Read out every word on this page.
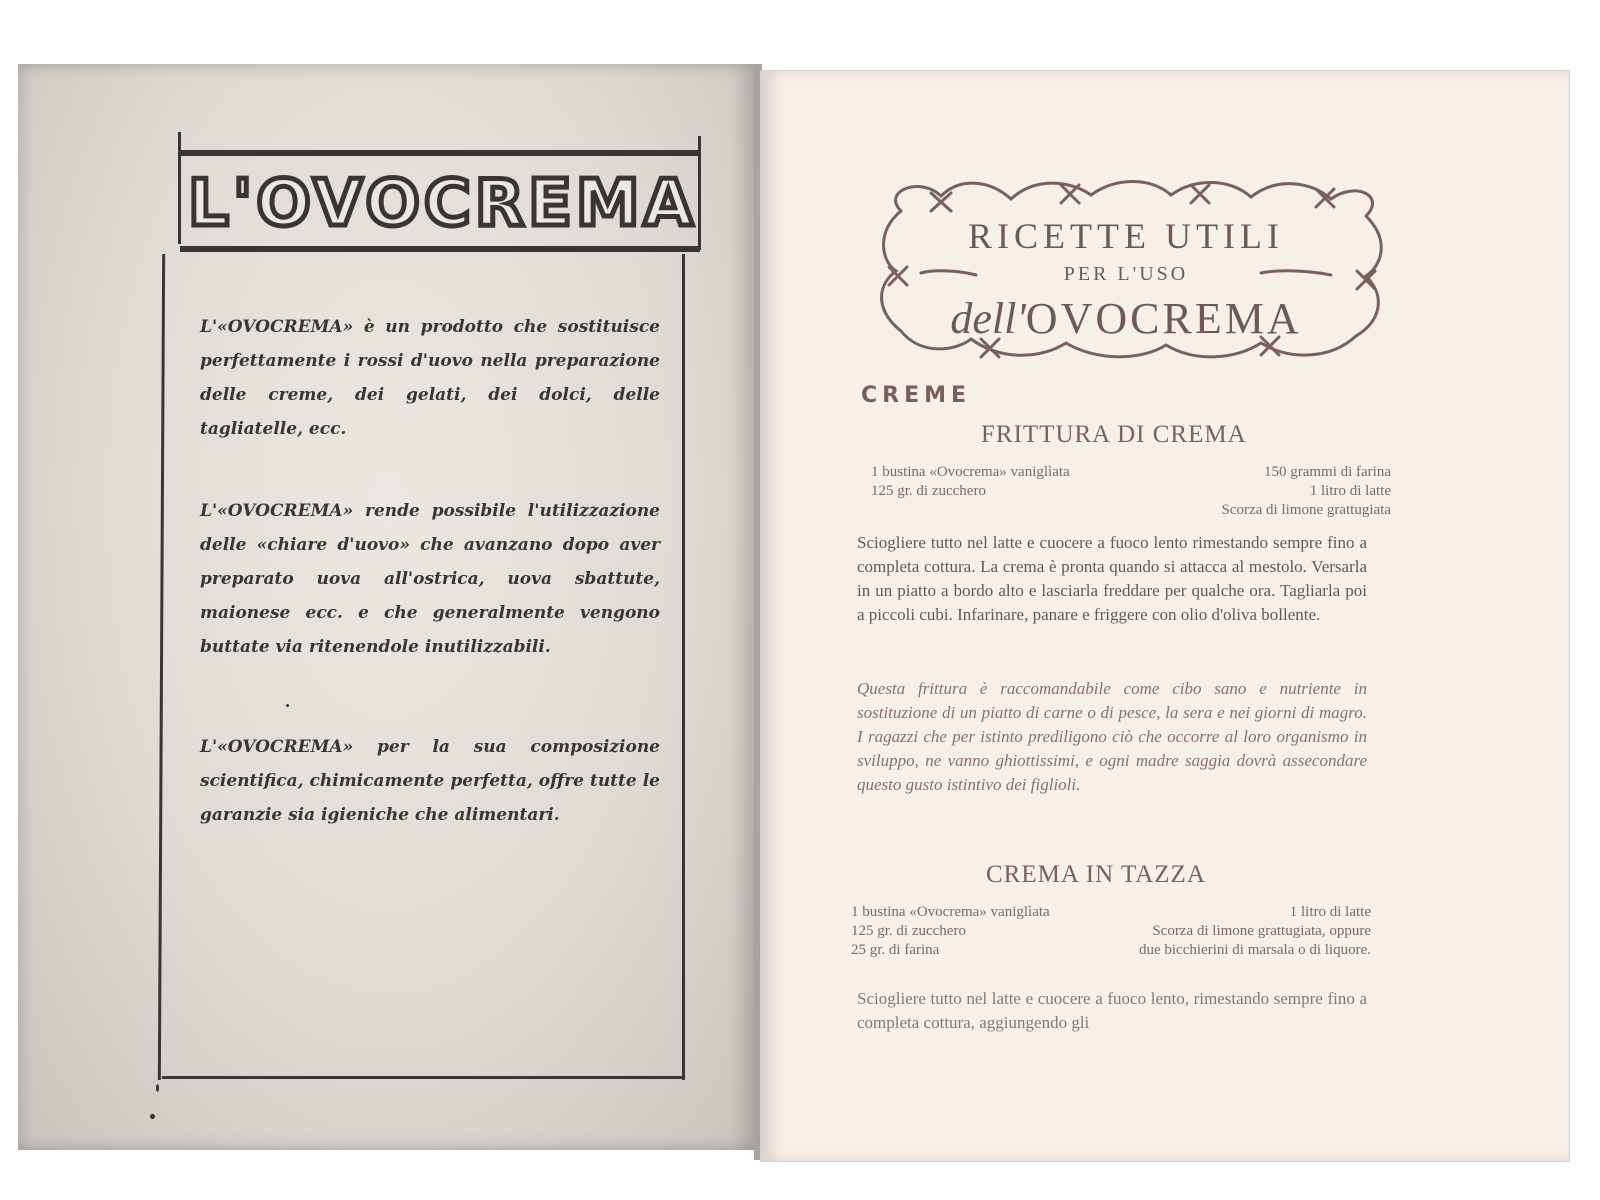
L'OVOCREMA
L'«OVOCREMA» è un prodotto che sostituisce perfettamente i rossi d'uovo nella preparazione delle creme, dei gelati, dei dolci, delle tagliatelle, ecc.
L'«OVOCREMA» rende possibile l'utilizzazione delle «chiare d'uovo» che avanzano dopo aver preparato uova all'ostrica, uova sbattute, maionese ecc. e che generalmente vengono buttate via ritenendole inutilizzabili.
L'«OVOCREMA» per la sua composizione scientifica, chimicamente perfetta, offre tutte le garanzie sia igieniche che alimentari.
RICETTE UTILI
PER L'USO
dell'OVOCREMA
CREME
FRITTURA DI CREMA
1 bustina «Ovocrema» vaniglìata
125 gr. di zucchero
150 grammi di farina
1 litro di latte
Scorza di limone grattugiata
Sciogliere tutto nel latte e cuocere a fuoco lento rimestando sempre fino a completa cottura. La crema è pronta quando si attacca al mestolo. Versarla in un piatto a bordo alto e lasciarla freddare per qualche ora. Tagliarla poi a piccoli cubi. Infarinare, panare e friggere con olio d'oliva bollente.
Questa frittura è raccomandabile come cibo sano e nutriente in sostituzione di un piatto di carne o di pesce, la sera e nei giorni di magro. I ragazzi che per istinto prediligono ciò che occorre al loro organismo in sviluppo, ne vanno ghiottissimi, e ogni madre saggia dovrà assecondare questo gusto istintivo dei figlioli.
CREMA IN TAZZA
1 bustina «Ovocrema» vaniglìata
125 gr. di zucchero
25 gr. di farina
1 litro di latte
Scorza di limone grattugiata, oppure due bicchierini di marsala o di liquore.
Sciogliere tutto nel latte e cuocere a fuoco lento, rimestando sempre fino a completa cottura, aggiungendo gli
